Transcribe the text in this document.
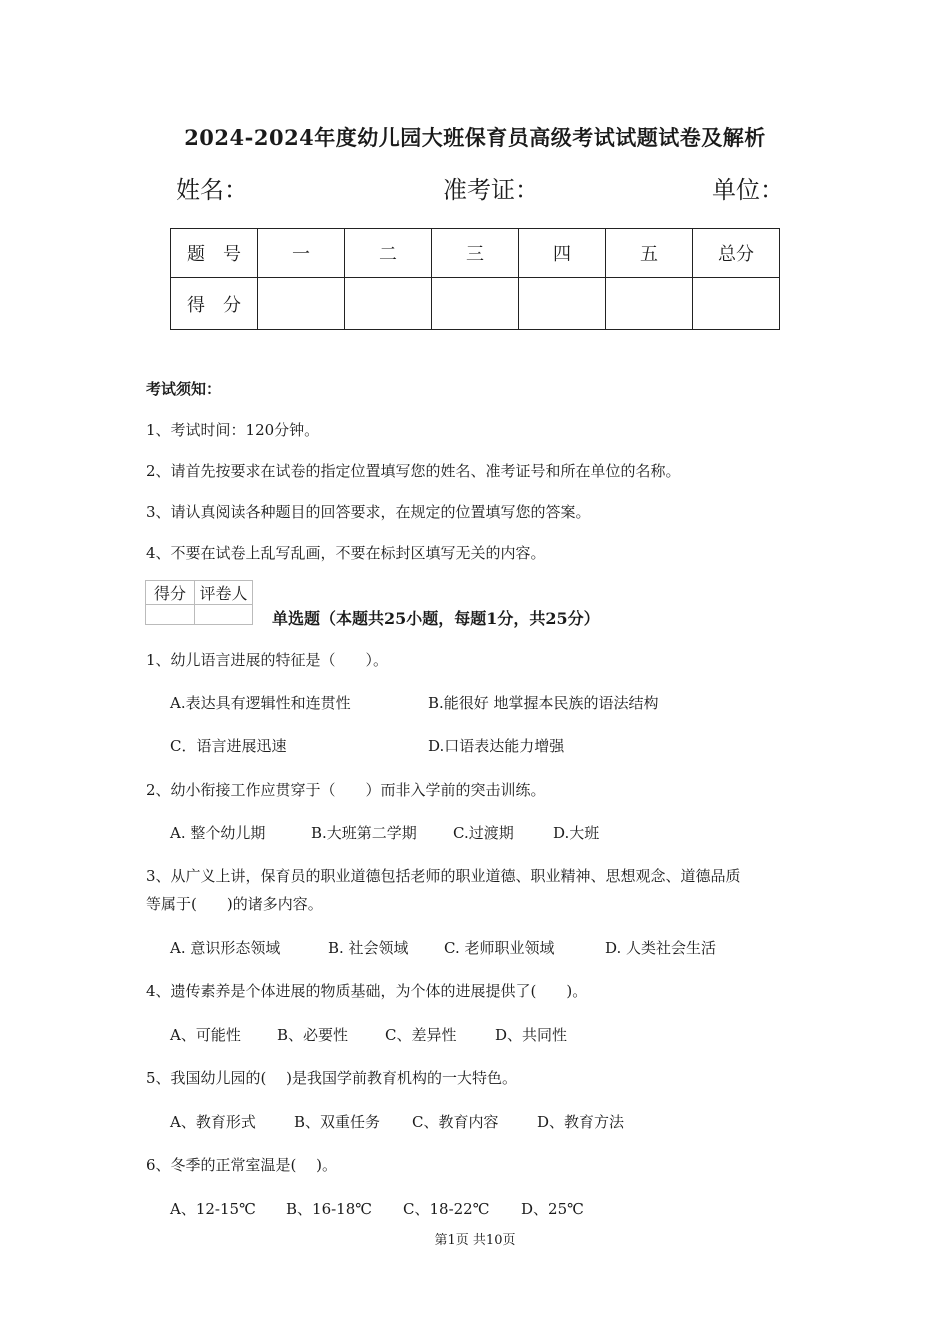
2024-2024年度幼儿园大班保育员高级考试试题试卷及解析
姓名：	准考证：	单位：
题　号	一	二	三	四	五	总分
得　分						
考试须知：
1、考试时间：120分钟。
2、请首先按要求在试卷的指定位置填写您的姓名、准考证号和所在单位的名称。
3、请认真阅读各种题目的回答要求，在规定的位置填写您的答案。
4、不要在试卷上乱写乱画，不要在标封区填写无关的内容。
得分	评卷人

单选题（本题共25小题，每题1分，共25分）
1、幼儿语言进展的特征是（　　）。
A.表达具有逻辑性和连贯性	B.能很好 地掌握本民族的语法结构
C．语言进展迅速	D.口语表达能力增强
2、幼小衔接工作应贯穿于（　　）而非入学前的突击训练。
A. 整个幼儿期	B.大班第二学期 C.过渡期	D.大班
3、从广义上讲，保育员的职业道德包括老师的职业道德、职业精神、思想观念、道德品质
等属于(　　)的诸多内容。
A. 意识形态领域	B. 社会领域 C. 老师职业领域	D. 人类社会生活
4、遗传素养是个体进展的物质基础，为个体的进展提供了(　　)。
A、可能性 B、必要性 C、差异性	D、共同性
5、我国幼儿园的(　 )是我国学前教育机构的一大特色。
A、教育形式	B、双重任务 C、教育内容	D、教育方法
6、冬季的正常室温是(　 )。
A、12-15℃ B、16-18℃ C、18-22℃ D、25℃
第1页 共10页
